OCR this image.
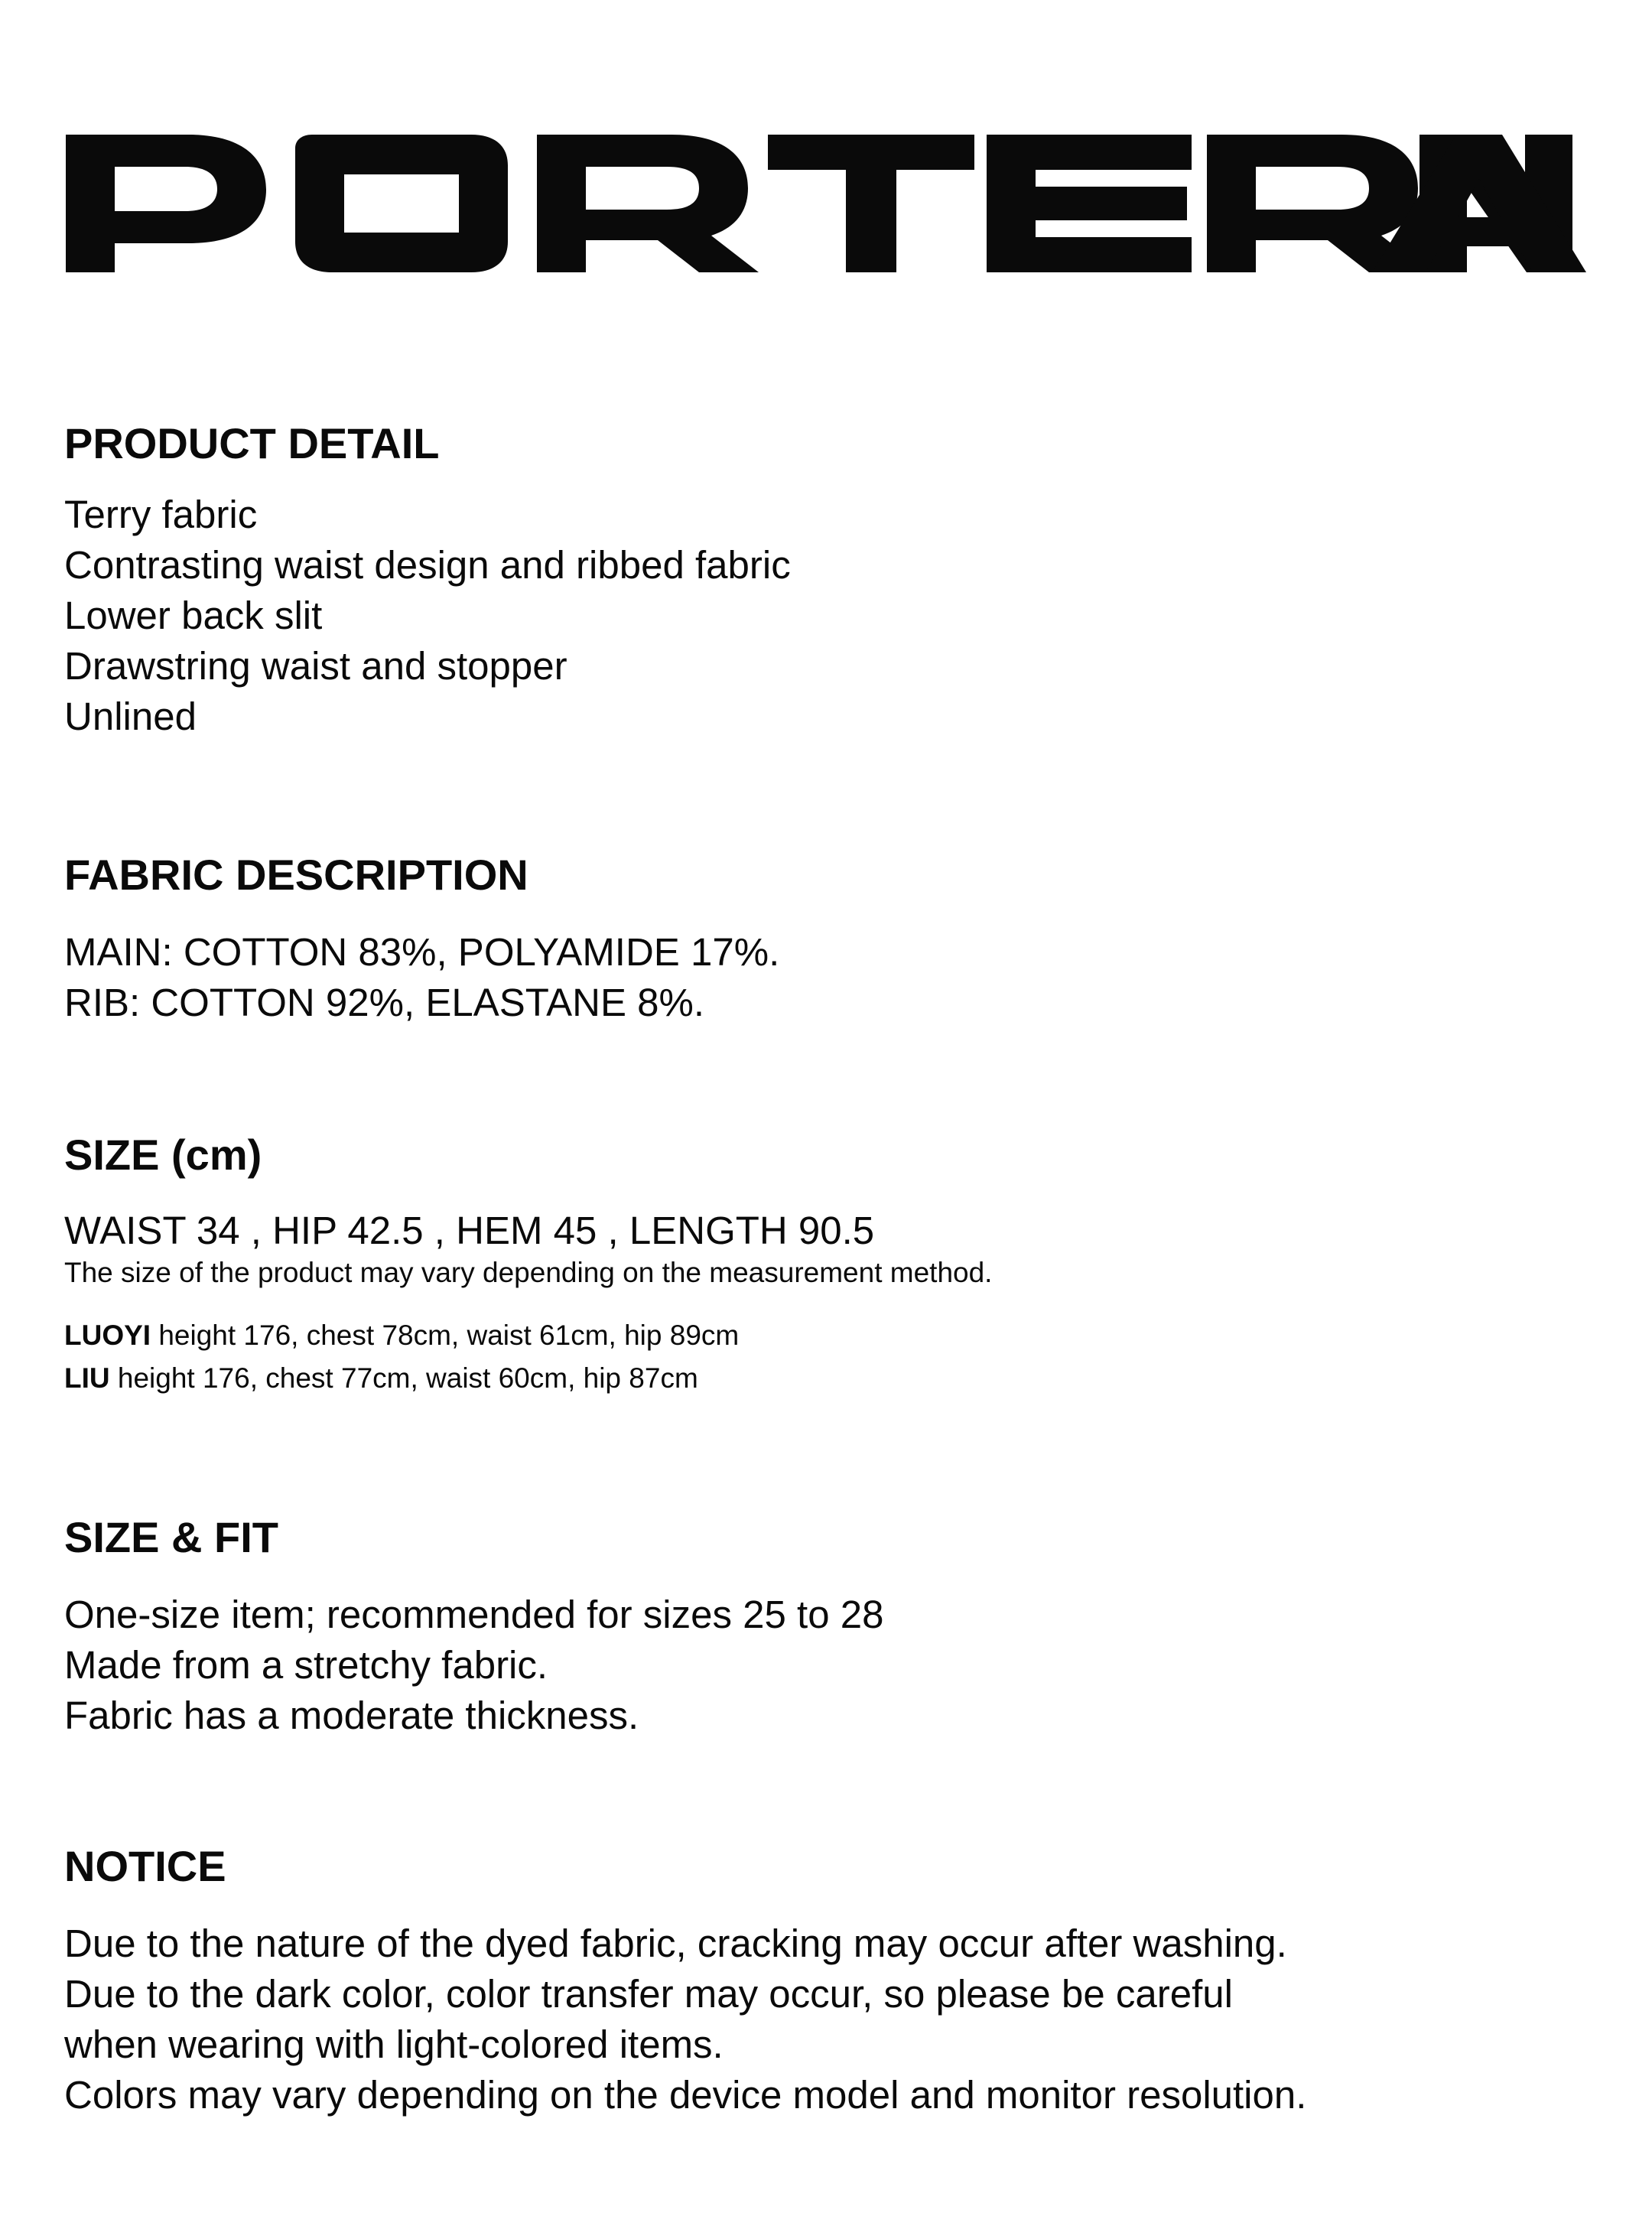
PRODUCT DETAIL
Terry fabric
Contrasting waist design and ribbed fabric
Lower back slit
Drawstring waist and stopper
Unlined
FABRIC DESCRIPTION
MAIN: COTTON 83%, POLYAMIDE 17%.
RIB: COTTON 92%, ELASTANE 8%.
SIZE (cm)
WAIST 34 , HIP 42.5 , HEM 45 , LENGTH 90.5

The size of the product may vary depending on the measurement method.

LUOYI height 176, chest 78cm, waist 61cm, hip 89cm

LIU height 176, chest 77cm, waist 60cm, hip 87cm

SIZE & FIT
One-size item; recommended for sizes 25 to 28
Made from a stretchy fabric.
Fabric has a moderate thickness.
NOTICE
Due to the nature of the dyed fabric, cracking may occur after washing.
Due to the dark color, color transfer may occur, so please be careful
when wearing with light-colored items.
Colors may vary depending on the device model and monitor resolution.
